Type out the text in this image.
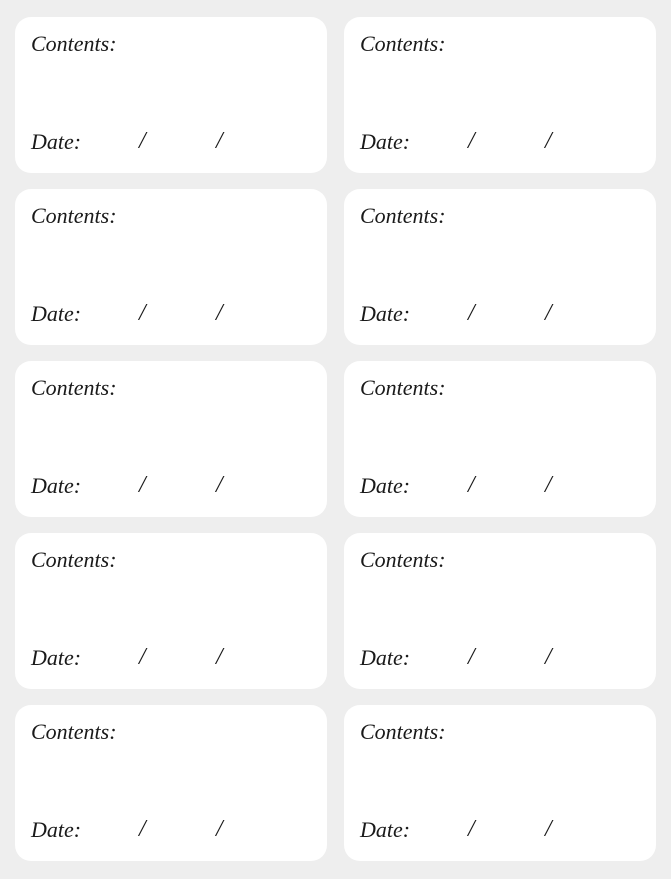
Contents:
Date: /	/
Contents:
Date: /	/
Contents:
Date: /	/
Contents:
Date: /	/
Contents:
Date: /	/
Contents:
Date: /	/
Contents:
Date: /	/
Contents:
Date: /	/
Contents:
Date: /	/
Contents:
Date: /	/
